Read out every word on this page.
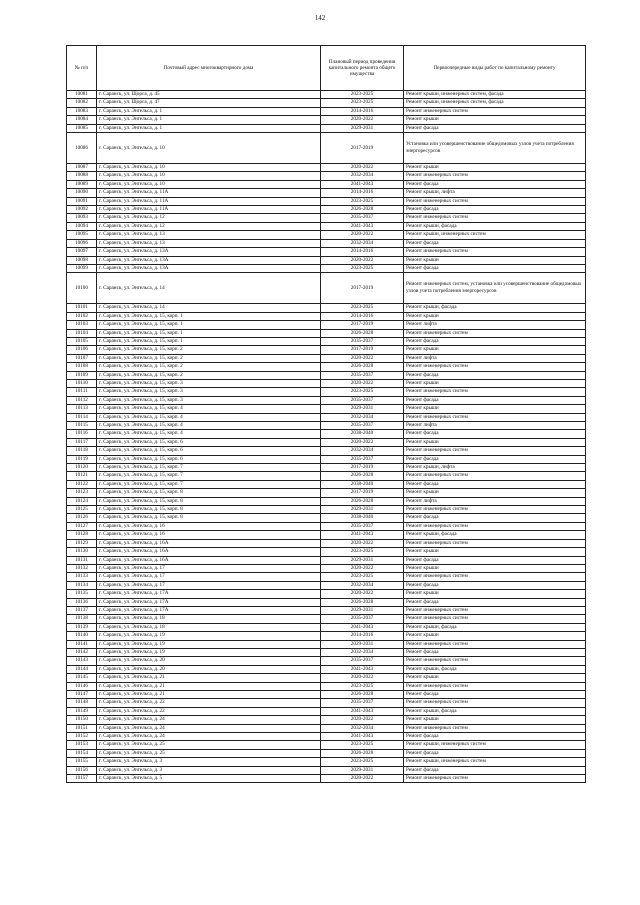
142
№ п/п	Почтовый адрес многоквартирного дома	Плановый период проведения капитального ремонта общего имущества	Первоочередные виды работ по капитальному ремонту
10081	г. Саранск, ул. Щорса, д. 45	2023-2025	Ремонт крыши, инженерных систем, фасада
10082	г. Саранск, ул. Щорса, д. 47	2023-2025	Ремонт крыши, инженерных систем, фасада
10083	г. Саранск, ул. Энгельса, д. 1	2014-2016	Ремонт инженерных систем
10084	г. Саранск, ул. Энгельса, д. 1	2020-2022	Ремонт крыши
10085	г. Саранск, ул. Энгельса, д. 1	2029-2031	Ремонт фасада
10086	г. Саранск, ул. Энгельса, д. 10	2017-2019	Установка или усовершенствование общедомовых узлов учета потребления энергоресурсов
10087	г. Саранск, ул. Энгельса, д. 10	2020-2022	Ремонт крыши
10088	г. Саранск, ул. Энгельса, д. 10	2032-2034	Ремонт инженерных систем
10089	г. Саранск, ул. Энгельса, д. 10	2041-2043	Ремонт фасада
10090	г. Саранск, ул. Энгельса, д. 11А	2014-2016	Ремонт крыши, лифта
10091	г. Саранск, ул. Энгельса, д. 11А	2023-2025	Ремонт инженерных систем
10092	г. Саранск, ул. Энгельса, д. 11А	2026-2028	Ремонт фасада
10093	г. Саранск, ул. Энгельса, д. 12	2035-2037	Ремонт инженерных систем
10094	г. Саранск, ул. Энгельса, д. 12	2041-2043	Ремонт крыши, фасада
10095	г. Саранск, ул. Энгельса, д. 13	2020-2022	Ремонт крыши, инженерных систем
10096	г. Саранск, ул. Энгельса, д. 13	2032-2034	Ремонт фасада
10097	г. Саранск, ул. Энгельса, д. 13А	2014-2016	Ремонт инженерных систем
10098	г. Саранск, ул. Энгельса, д. 13А	2020-2022	Ремонт крыши
10099	г. Саранск, ул. Энгельса, д. 13А	2023-2025	Ремонт фасада
10100	г. Саранск, ул. Энгельса, д. 14	2017-2019	Ремонт инженерных систем, установка или усовершенствование общедомовых узлов учета потребления энергоресурсов
10101	г. Саранск, ул. Энгельса, д. 14	2023-2025	Ремонт крыши, фасада
10102	г. Саранск, ул. Энгельса, д. 15, корп. 1	2014-2016	Ремонт крыши
10103	г. Саранск, ул. Энгельса, д. 15, корп. 1	2017-2019	Ремонт лифта
10104	г. Саранск, ул. Энгельса, д. 15, корп. 1	2026-2028	Ремонт инженерных систем
10105	г. Саранск, ул. Энгельса, д. 15, корп. 1	2035-2037	Ремонт фасада
10106	г. Саранск, ул. Энгельса, д. 15, корп. 2	2017-2019	Ремонт крыши
10107	г. Саранск, ул. Энгельса, д. 15, корп. 2	2020-2022	Ремонт лифта
10108	г. Саранск, ул. Энгельса, д. 15, корп. 2	2026-2028	Ремонт инженерных систем
10109	г. Саранск, ул. Энгельса, д. 15, корп. 2	2035-2037	Ремонт фасада
10110	г. Саранск, ул. Энгельса, д. 15, корп. 3	2020-2022	Ремонт крыши
10111	г. Саранск, ул. Энгельса, д. 15, корп. 3	2023-2025	Ремонт инженерных систем
10112	г. Саранск, ул. Энгельса, д. 15, корп. 3	2035-2037	Ремонт фасада
10113	г. Саранск, ул. Энгельса, д. 15, корп. 4	2029-2031	Ремонт крыши
10114	г. Саранск, ул. Энгельса, д. 15, корп. 4	2032-2034	Ремонт инженерных систем
10115	г. Саранск, ул. Энгельса, д. 15, корп. 4	2035-2037	Ремонт лифта
10116	г. Саранск, ул. Энгельса, д. 15, корп. 4	2038-2040	Ремонт фасада
10117	г. Саранск, ул. Энгельса, д. 15, корп. 6	2020-2022	Ремонт крыши
10118	г. Саранск, ул. Энгельса, д. 15, корп. 6	2032-2034	Ремонт инженерных систем
10119	г. Саранск, ул. Энгельса, д. 15, корп. 6	2035-2037	Ремонт фасада
10120	г. Саранск, ул. Энгельса, д. 15, корп. 7	2017-2019	Ремонт крыши, лифта
10121	г. Саранск, ул. Энгельса, д. 15, корп. 7	2026-2028	Ремонт инженерных систем
10122	г. Саранск, ул. Энгельса, д. 15, корп. 7	2038-2040	Ремонт фасада
10123	г. Саранск, ул. Энгельса, д. 15, корп. 8	2017-2019	Ремонт крыши
10124	г. Саранск, ул. Энгельса, д. 15, корп. 8	2026-2028	Ремонт лифта
10125	г. Саранск, ул. Энгельса, д. 15, корп. 8	2029-2031	Ремонт инженерных систем
10126	г. Саранск, ул. Энгельса, д. 15, корп. 8	2038-2040	Ремонт фасада
10127	г. Саранск, ул. Энгельса, д. 16	2035-2037	Ремонт инженерных систем
10128	г. Саранск, ул. Энгельса, д. 16	2041-2043	Ремонт крыши, фасада
10129	г. Саранск, ул. Энгельса, д. 16А	2020-2022	Ремонт инженерных систем
10130	г. Саранск, ул. Энгельса, д. 16А	2023-2025	Ремонт крыши
10131	г. Саранск, ул. Энгельса, д. 16А	2029-2031	Ремонт фасада
10132	г. Саранск, ул. Энгельса, д. 17	2020-2022	Ремонт крыши
10133	г. Саранск, ул. Энгельса, д. 17	2023-2025	Ремонт инженерных систем
10134	г. Саранск, ул. Энгельса, д. 17	2032-2034	Ремонт фасада
10135	г. Саранск, ул. Энгельса, д. 17А	2020-2022	Ремонт крыши
10136	г. Саранск, ул. Энгельса, д. 17А	2026-2028	Ремонт фасада
10137	г. Саранск, ул. Энгельса, д. 17А	2029-2031	Ремонт инженерных систем
10138	г. Саранск, ул. Энгельса, д. 18	2035-2037	Ремонт инженерных систем
10139	г. Саранск, ул. Энгельса, д. 18	2041-2043	Ремонт крыши, фасада
10140	г. Саранск, ул. Энгельса, д. 19	2014-2016	Ремонт крыши
10141	г. Саранск, ул. Энгельса, д. 19	2029-2031	Ремонт инженерных систем
10142	г. Саранск, ул. Энгельса, д. 19	2032-2034	Ремонт фасада
10143	г. Саранск, ул. Энгельса, д. 20	2035-2037	Ремонт инженерных систем
10144	г. Саранск, ул. Энгельса, д. 20	2041-2043	Ремонт крыши, фасада
10145	г. Саранск, ул. Энгельса, д. 21	2020-2022	Ремонт крыши
10146	г. Саранск, ул. Энгельса, д. 21	2023-2025	Ремонт инженерных систем
10147	г. Саранск, ул. Энгельса, д. 21	2026-2028	Ремонт фасада
10148	г. Саранск, ул. Энгельса, д. 22	2035-2037	Ремонт инженерных систем
10149	г. Саранск, ул. Энгельса, д. 22	2041-2043	Ремонт крыши, фасада
10150	г. Саранск, ул. Энгельса, д. 24	2020-2022	Ремонт крыши
10151	г. Саранск, ул. Энгельса, д. 24	2032-2034	Ремонт инженерных систем
10152	г. Саранск, ул. Энгельса, д. 24	2041-2043	Ремонт фасада
10153	г. Саранск, ул. Энгельса, д. 25	2023-2025	Ремонт крыши, инженерных систем
10154	г. Саранск, ул. Энгельса, д. 25	2026-2028	Ремонт фасада
10155	г. Саранск, ул. Энгельса, д. 3	2023-2025	Ремонт крыши, инженерных систем
10156	г. Саранск, ул. Энгельса, д. 3	2029-2031	Ремонт фасада
10157	г. Саранск, ул. Энгельса, д. 5	2020-2022	Ремонт инженерных систем
